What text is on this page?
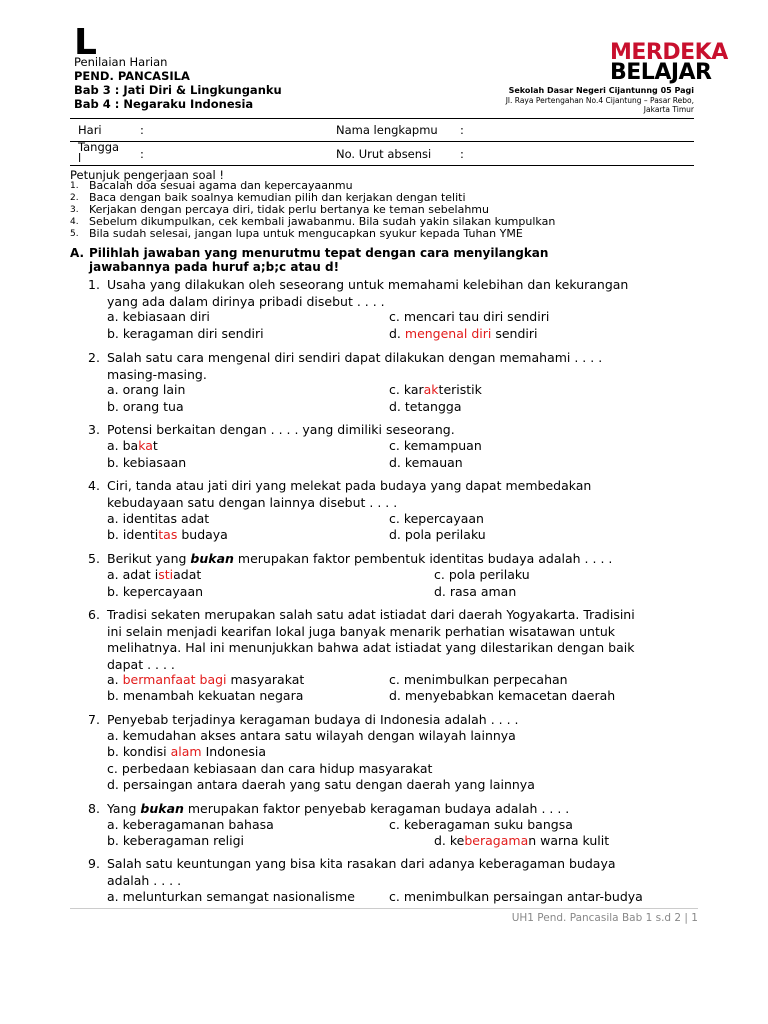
L
Penilaian Harian
PEND. PANCASILA
Bab 3 : Jati Diri & Lingkunganku
Bab 4 : Negaraku Indonesia
MERDEKA
BELAJAR
Sekolah Dasar Negeri Cijantunng 05 Pagi
Jl. Raya Pertengahan No.4 Cijantung – Pasar Rebo,
Jakarta Timur
Hari	:	Nama lengkapmu :
Tangga
l	:	No. Urut absensi	:
Petunjuk pengerjaan soal !
1. Bacalah doa sesuai agama dan kepercayaanmu
2. Baca dengan baik soalnya kemudian pilih dan kerjakan dengan teliti
3. Kerjakan dengan percaya diri, tidak perlu bertanya ke teman sebelahmu
4. Sebelum dikumpulkan, cek kembali jawabanmu. Bila sudah yakin silakan kumpulkan
5. Bila sudah selesai, jangan lupa untuk mengucapkan syukur kepada Tuhan YME
A. Pilihlah jawaban yang menurutmu tepat dengan cara menyilangkan
jawabannya pada huruf a;b;c atau d!
1. Usaha yang dilakukan oleh seseorang untuk memahami kelebihan dan kekurangan
yang ada dalam dirinya pribadi disebut . . . .
a. kebiasaan diri
b. keragaman diri sendiri
c. mencari tau diri sendiri
d. mengenal diri sendiri
2. Salah satu cara mengenal diri sendiri dapat dilakukan dengan memahami . . . .
masing-masing.
a. orang lain
b. orang tua
c. karakteristik
d. tetangga
3. Potensi berkaitan dengan . . . . yang dimiliki seseorang.
a. bakat
b. kebiasaan
c. kemampuan
d. kemauan
4. Ciri, tanda atau jati diri yang melekat pada budaya yang dapat membedakan
kebudayaan satu dengan lainnya disebut . . . .
a. identitas adat
b. identitas budaya
c. kepercayaan
d. pola perilaku
5. Berikut yang bukan merupakan faktor pembentuk identitas budaya adalah . . . .
a. adat istiadat
b. kepercayaan
c. pola perilaku
d. rasa aman
6. Tradisi sekaten merupakan salah satu adat istiadat dari daerah Yogyakarta. Tradisini
ini selain menjadi kearifan lokal juga banyak menarik perhatian wisatawan untuk
melihatnya. Hal ini menunjukkan bahwa adat istiadat yang dilestarikan dengan baik
dapat . . . .
a. bermanfaat bagi masyarakat
b. menambah kekuatan negara
c. menimbulkan perpecahan
d. menyebabkan kemacetan daerah
7. Penyebab terjadinya keragaman budaya di Indonesia adalah . . . .
a. kemudahan akses antara satu wilayah dengan wilayah lainnya
b. kondisi alam Indonesia
c. perbedaan kebiasaan dan cara hidup masyarakat
d. persaingan antara daerah yang satu dengan daerah yang lainnya
8. Yang bukan merupakan faktor penyebab keragaman budaya adalah . . . .
a. keberagamanan bahasa
b. keberagaman religi
c. keberagaman suku bangsa
d. keberagaman warna kulit
9. Salah satu keuntungan yang bisa kita rasakan dari adanya keberagaman budaya
adalah . . . .
a. melunturkan semangat nasionalisme	c. menimbulkan persaingan antar-budya
UH1 Pend. Pancasila Bab 1 s.d 2 | 1
